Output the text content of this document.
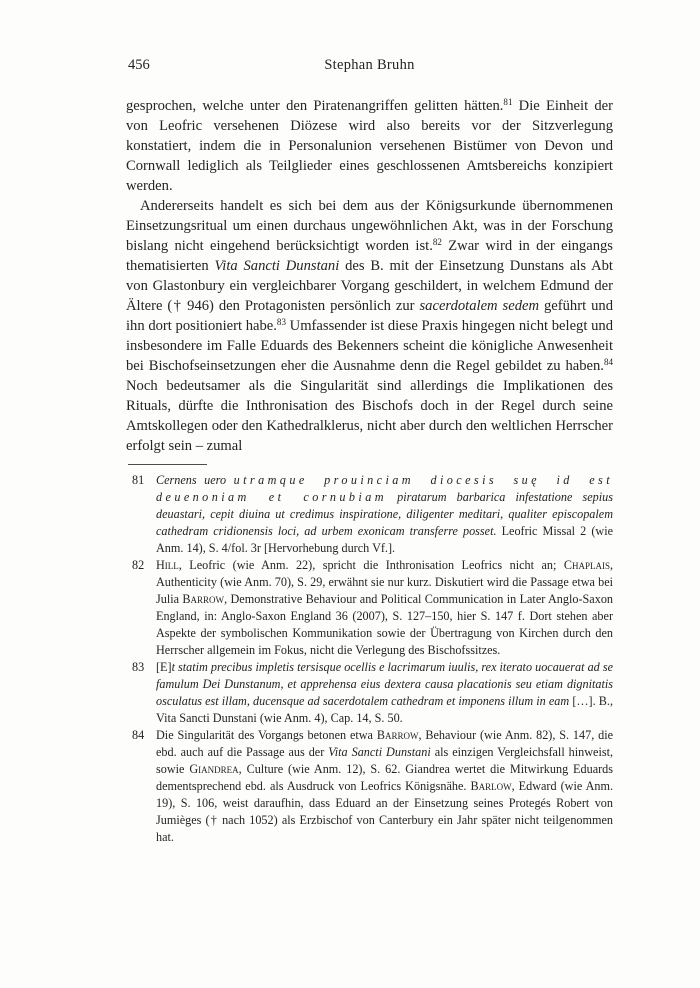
456	Stephan Bruhn

gesprochen, welche unter den Piratenangriffen gelitten hätten.$^{81}$ Die Einheit der von Leofric versehenen Diözese wird also bereits vor der Sitzverlegung konstatiert, indem die in Personalunion versehenen Bistümer von Devon und Cornwall lediglich als Teilglieder eines geschlossenen Amtsbereichs konzipiert werden.

Andererseits handelt es sich bei dem aus der Königsurkunde übernommenen Einsetzungsritual um einen durchaus ungewöhnlichen Akt, was in der Forschung bislang nicht eingehend berücksichtigt worden ist.$^{82}$ Zwar wird in der eingangs thematisierten Vita Sancti Dunstani des B. mit der Einsetzung Dunstans als Abt von Glastonbury ein vergleichbarer Vorgang geschildert, in welchem Edmund der Ältere († 946) den Protagonisten persönlich zur sacerdotalem sedem geführt und ihn dort positioniert habe.$^{83}$ Umfassender ist diese Praxis hingegen nicht belegt und insbesondere im Falle Eduards des Bekenners scheint die königliche Anwesenheit bei Bischofseinsetzungen eher die Ausnahme denn die Regel gebildet zu haben.$^{84}$ Noch bedeutsamer als die Singularität sind allerdings die Implikationen des Rituals, dürfte die Inthronisation des Bischofs doch in der Regel durch seine Amtskollegen oder den Kathedralklerus, nicht aber durch den weltlichen Herrscher erfolgt sein – zumal

81 Cernens uero utramque prouinciam diocesis suę id est deuenoniam et cornubiam piratarum barbarica infestatione sepius deuastari, cepit diuina ut credimus inspiratione, diligenter meditari, qualiter episcopalem cathedram cridionensis loci, ad urbem exonicam transferre posset. Leofric Missal 2 (wie Anm. 14), S. 4/fol. 3r [Hervorhebung durch Vf.].
82 Hill, Leofric (wie Anm. 22), spricht die Inthronisation Leofrics nicht an; Chaplais, Authenticity (wie Anm. 70), S. 29, erwähnt sie nur kurz. Diskutiert wird die Passage etwa bei Julia Barrow, Demonstrative Behaviour and Political Communication in Later Anglo-Saxon England, in: Anglo-Saxon England 36 (2007), S. 127–150, hier S. 147 f. Dort stehen aber Aspekte der symbolischen Kommunikation sowie der Übertragung von Kirchen durch den Herrscher allgemein im Fokus, nicht die Verlegung des Bischofssitzes.
83 [E]t statim precibus impletis tersisque ocellis e lacrimarum iuulis, rex iterato uocauerat ad se famulum Dei Dunstanum, et apprehensa eius dextera causa placationis seu etiam dignitatis osculatus est illam, ducensque ad sacerdotalem cathedram et imponens illum in eam […]. B., Vita Sancti Dunstani (wie Anm. 4), Cap. 14, S. 50.
84 Die Singularität des Vorgangs betonen etwa Barrow, Behaviour (wie Anm. 82), S. 147, die ebd. auch auf die Passage aus der Vita Sancti Dunstani als einzigen Vergleichsfall hinweist, sowie Giandrea, Culture (wie Anm. 12), S. 62. Giandrea wertet die Mitwirkung Eduards dementsprechend ebd. als Ausdruck von Leofrics Königsnähe. Barlow, Edward (wie Anm. 19), S. 106, weist daraufhin, dass Eduard an der Einsetzung seines Protegés Robert von Jumièges († nach 1052) als Erzbischof von Canterbury ein Jahr später nicht teilgenommen hat.
